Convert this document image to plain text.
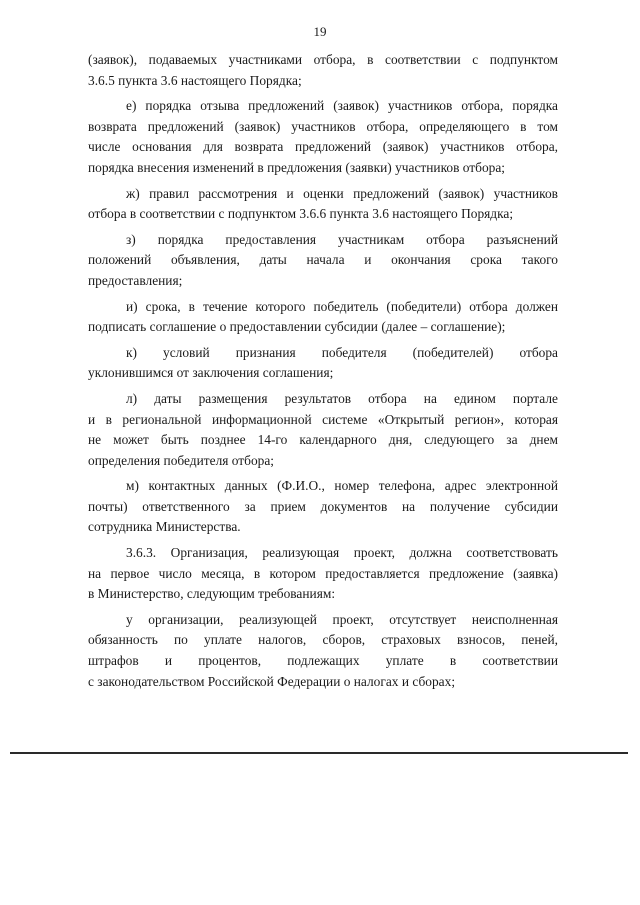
19
(заявок), подаваемых участниками отбора, в соответствии с подпунктом
3.6.5 пункта 3.6 настоящего Порядка;
е) порядка отзыва предложений (заявок) участников отбора, порядка
возврата предложений (заявок) участников отбора, определяющего в том
числе основания для возврата предложений (заявок) участников отбора,
порядка внесения изменений в предложения (заявки) участников отбора;
ж) правил рассмотрения и оценки предложений (заявок) участников
отбора в соответствии с подпунктом 3.6.6 пункта 3.6 настоящего Порядка;
з) порядка предоставления участникам отбора разъяснений
положений объявления, даты начала и окончания срока такого
предоставления;
и) срока, в течение которого победитель (победители) отбора должен
подписать соглашение о предоставлении субсидии (далее – соглашение);
к) условий признания победителя (победителей) отбора
уклонившимся от заключения соглашения;
л) даты размещения результатов отбора на едином портале
и в региональной информационной системе «Открытый регион», которая
не может быть позднее 14-го календарного дня, следующего за днем
определения победителя отбора;
м) контактных данных (Ф.И.О., номер телефона, адрес электронной
почты) ответственного за прием документов на получение субсидии
сотрудника Министерства.
3.6.3. Организация, реализующая проект, должна соответствовать
на первое число месяца, в котором предоставляется предложение (заявка)
в Министерство, следующим требованиям:
у организации, реализующей проект, отсутствует неисполненная
обязанность по уплате налогов, сборов, страховых взносов, пеней,
штрафов и процентов, подлежащих уплате в соответствии
с законодательством Российской Федерации о налогах и сборах;
